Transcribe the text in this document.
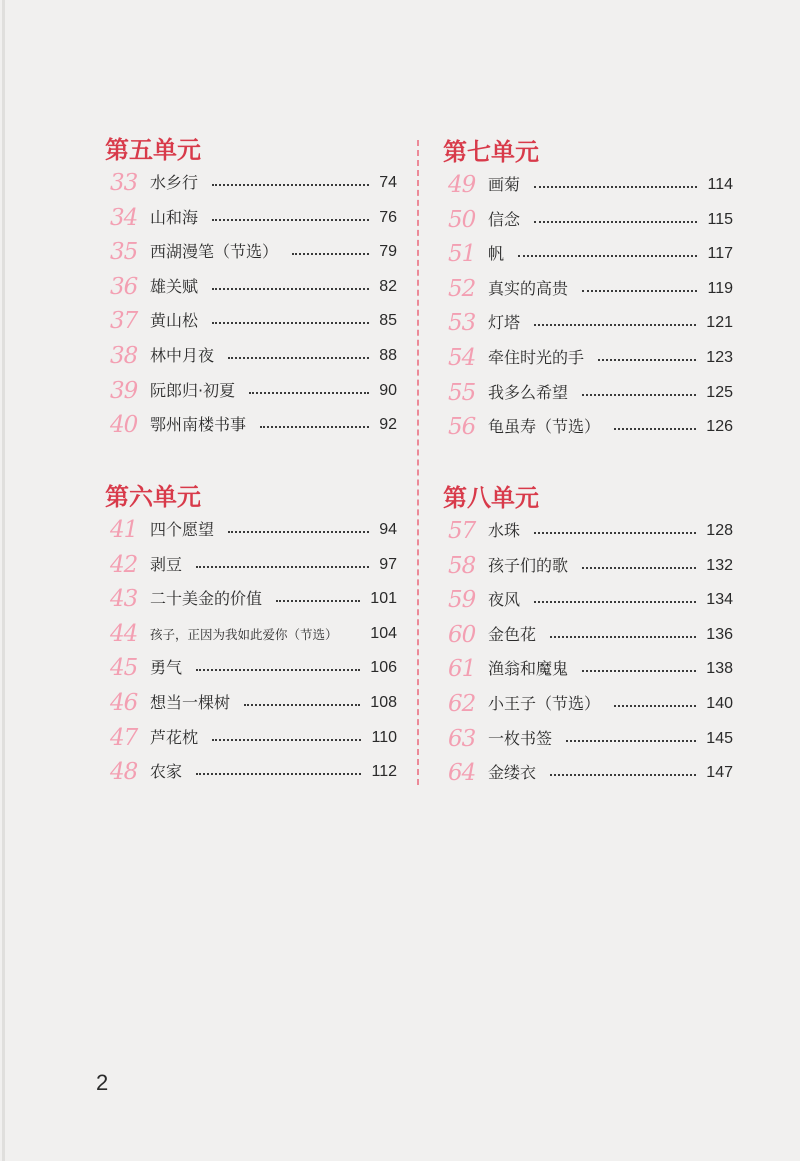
第五单元
33 水乡行	74
34 山和海	76
35 西湖漫笔（节选）	79
36 雄关赋	82
37 黄山松	85
38 林中月夜	88
39 阮郎归·初夏	90
40 鄂州南楼书事	92
第六单元
41 四个愿望	94
42 剥豆	97
43 二十美金的价值	101
44 孩子，正因为我如此爱你（节选） 104
45 勇气	106
46 想当一棵树	108
47 芦花枕	110
48 农家	112
第七单元
49 画菊	114
50 信念	115
51 帆	117
52 真实的高贵	119
53 灯塔	121
54 牵住时光的手	123
55 我多么希望	125
56 龟虽寿（节选）	126
第八单元
57 水珠	128
58 孩子们的歌	132
59 夜风	134
60 金色花	136
61 渔翁和魔鬼	138
62 小王子（节选）	140
63 一枚书签	145
64 金缕衣	147
2
